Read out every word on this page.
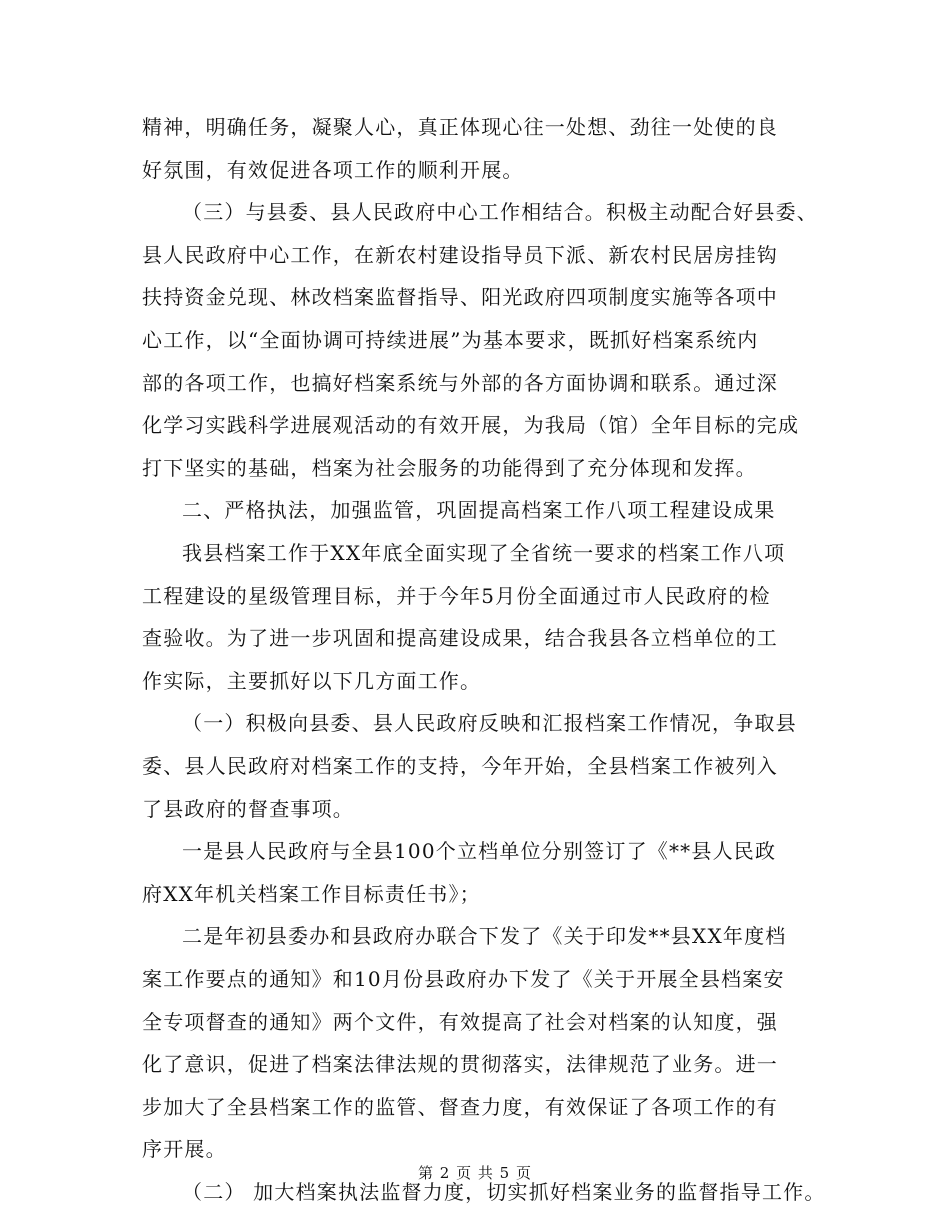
精神，明确任务，凝聚人心，真正体现心往一处想、劲往一处使的良
好氛围，有效促进各项工作的顺利开展。
（三）与县委、县人民政府中心工作相结合。积极主动配合好县委、
县人民政府中心工作，在新农村建设指导员下派、新农村民居房挂钩
扶持资金兑现、林改档案监督指导、阳光政府四项制度实施等各项中
心工作，以“全面协调可持续进展”为基本要求，既抓好档案系统内
部的各项工作，也搞好档案系统与外部的各方面协调和联系。通过深
化学习实践科学进展观活动的有效开展，为我局（馆）全年目标的完成
打下坚实的基础，档案为社会服务的功能得到了充分体现和发挥。
二、严格执法，加强监管，巩固提高档案工作八项工程建设成果
我县档案工作于XX年底全面实现了全省统一要求的档案工作八项
工程建设的星级管理目标，并于今年5月份全面通过市人民政府的检
查验收。为了进一步巩固和提高建设成果，结合我县各立档单位的工
作实际，主要抓好以下几方面工作。
（一）积极向县委、县人民政府反映和汇报档案工作情况，争取县
委、县人民政府对档案工作的支持，今年开始，全县档案工作被列入
了县政府的督查事项。
一是县人民政府与全县100个立档单位分别签订了《**县人民政
府XX年机关档案工作目标责任书》；
二是年初县委办和县政府办联合下发了《关于印发**县XX年度档
案工作要点的通知》和10月份县政府办下发了《关于开展全县档案安
全专项督查的通知》两个文件，有效提高了社会对档案的认知度，强
化了意识，促进了档案法律法规的贯彻落实，法律规范了业务。进一
步加大了全县档案工作的监管、督查力度，有效保证了各项工作的有
序开展。
（二） 加大档案执法监督力度，切实抓好档案业务的监督指导工作。
第 2 页 共 5 页
